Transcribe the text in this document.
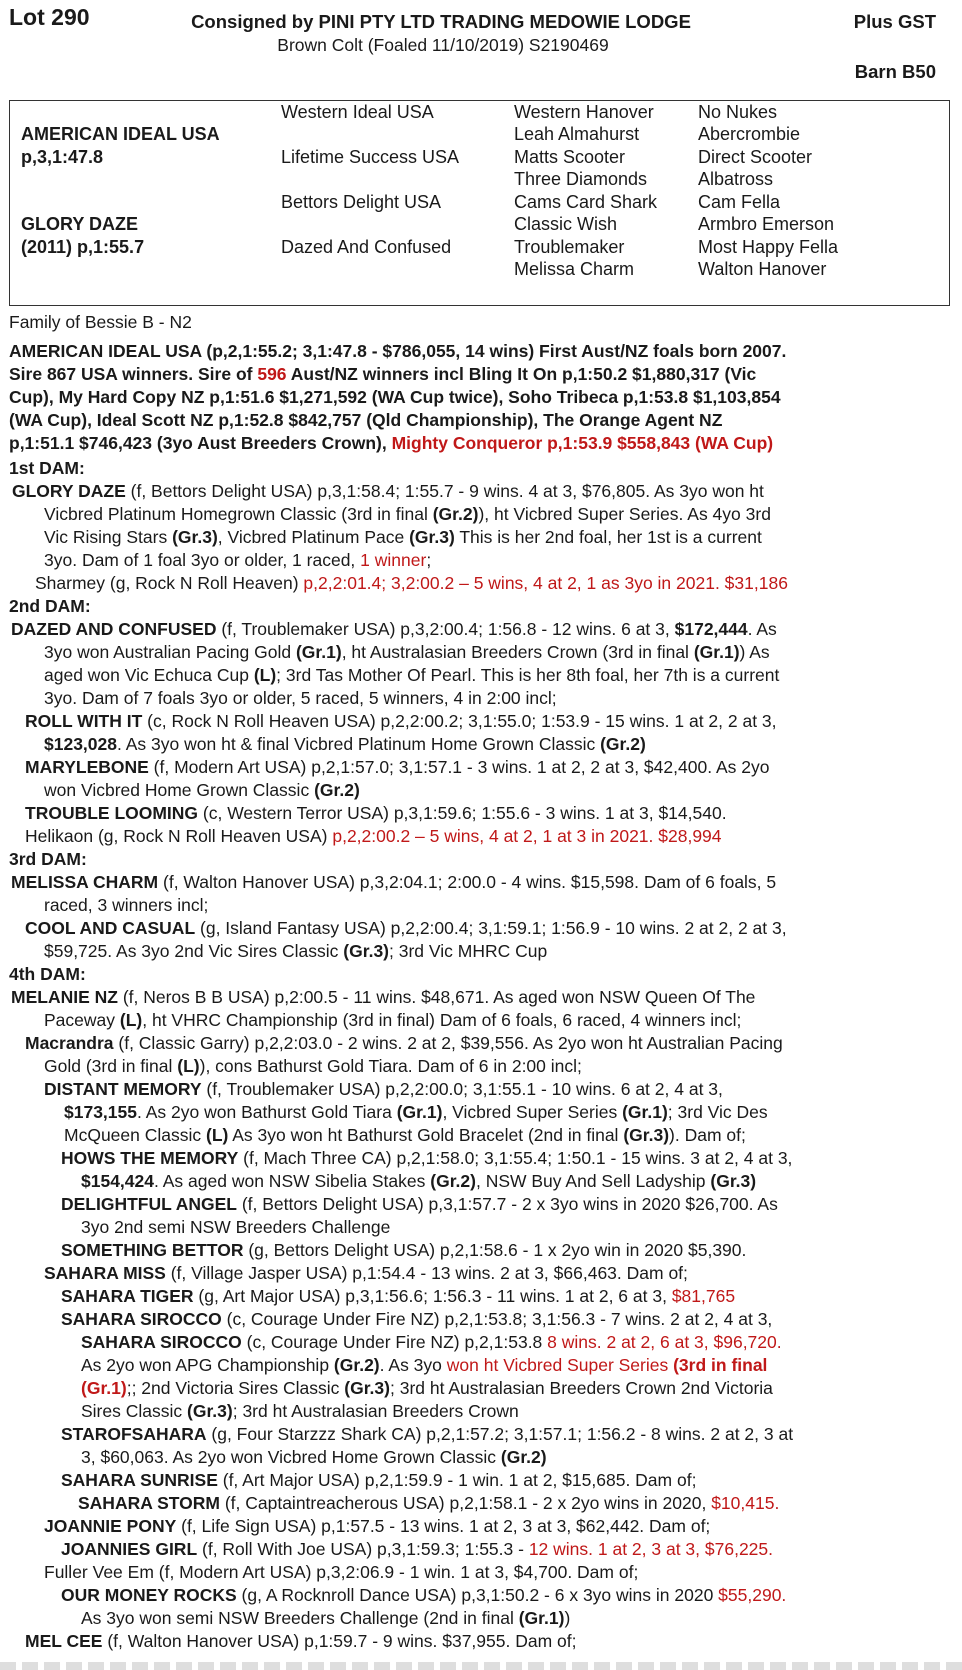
Lot 290	Consigned by PINI PTY LTD TRADING MEDOWIE LODGE	Plus GST
Brown Colt (Foaled 11/10/2019) S2190469
Barn B50
AMERICAN IDEAL USA
p,3,1:47.8
GLORY DAZE
(2011) p,1:55.7
Western Ideal USA
Lifetime Success USA
Bettors Delight USA
Dazed And Confused
Western Hanover
Leah Almahurst
Matts Scooter
Three Diamonds
Cams Card Shark
Classic Wish
Troublemaker
Melissa Charm
No Nukes
Abercrombie
Direct Scooter
Albatross
Cam Fella
Armbro Emerson
Most Happy Fella
Walton Hanover
Family of Bessie B - N2
AMERICAN IDEAL USA (p,2,1:55.2; 3,1:47.8 - $786,055, 14 wins) First Aust/NZ foals born 2007.
Sire 867 USA winners. Sire of 596 Aust/NZ winners incl Bling It On p,1:50.2 $1,880,317 (Vic
Cup), My Hard Copy NZ p,1:51.6 $1,271,592 (WA Cup twice), Soho Tribeca p,1:53.8 $1,103,854
(WA Cup), Ideal Scott NZ p,1:52.8 $842,757 (Qld Championship), The Orange Agent NZ
p,1:51.1 $746,423 (3yo Aust Breeders Crown), Mighty Conqueror p,1:53.9 $558,843 (WA Cup)
1st DAM:
GLORY DAZE (f, Bettors Delight USA) p,3,1:58.4; 1:55.7 - 9 wins. 4 at 3, $76,805. As 3yo won ht
Vicbred Platinum Homegrown Classic (3rd in final (Gr.2)), ht Vicbred Super Series. As 4yo 3rd
Vic Rising Stars (Gr.3), Vicbred Platinum Pace (Gr.3) This is her 2nd foal, her 1st is a current
3yo. Dam of 1 foal 3yo or older, 1 raced, 1 winner;
Sharmey (g, Rock N Roll Heaven) p,2,2:01.4; 3,2:00.2 – 5 wins, 4 at 2, 1 as 3yo in 2021. $31,186
2nd DAM:
DAZED AND CONFUSED (f, Troublemaker USA) p,3,2:00.4; 1:56.8 - 12 wins. 6 at 3, $172,444. As
3yo won Australian Pacing Gold (Gr.1), ht Australasian Breeders Crown (3rd in final (Gr.1)) As
aged won Vic Echuca Cup (L); 3rd Tas Mother Of Pearl. This is her 8th foal, her 7th is a current
3yo. Dam of 7 foals 3yo or older, 5 raced, 5 winners, 4 in 2:00 incl;
ROLL WITH IT (c, Rock N Roll Heaven USA) p,2,2:00.2; 3,1:55.0; 1:53.9 - 15 wins. 1 at 2, 2 at 3,
$123,028. As 3yo won ht & final Vicbred Platinum Home Grown Classic (Gr.2)
MARYLEBONE (f, Modern Art USA) p,2,1:57.0; 3,1:57.1 - 3 wins. 1 at 2, 2 at 3, $42,400. As 2yo
won Vicbred Home Grown Classic (Gr.2)
TROUBLE LOOMING (c, Western Terror USA) p,3,1:59.6; 1:55.6 - 3 wins. 1 at 3, $14,540.
Helikaon (g, Rock N Roll Heaven USA) p,2,2:00.2 – 5 wins, 4 at 2, 1 at 3 in 2021. $28,994
3rd DAM:
MELISSA CHARM (f, Walton Hanover USA) p,3,2:04.1; 2:00.0 - 4 wins. $15,598. Dam of 6 foals, 5
raced, 3 winners incl;
COOL AND CASUAL (g, Island Fantasy USA) p,2,2:00.4; 3,1:59.1; 1:56.9 - 10 wins. 2 at 2, 2 at 3,
$59,725. As 3yo 2nd Vic Sires Classic (Gr.3); 3rd Vic MHRC Cup
4th DAM:
MELANIE NZ (f, Neros B B USA) p,2:00.5 - 11 wins. $48,671. As aged won NSW Queen Of The
Paceway (L), ht VHRC Championship (3rd in final) Dam of 6 foals, 6 raced, 4 winners incl;
Macrandra (f, Classic Garry) p,2,2:03.0 - 2 wins. 2 at 2, $39,556. As 2yo won ht Australian Pacing
Gold (3rd in final (L)), cons Bathurst Gold Tiara. Dam of 6 in 2:00 incl;
DISTANT MEMORY (f, Troublemaker USA) p,2,2:00.0; 3,1:55.1 - 10 wins. 6 at 2, 4 at 3,
$173,155. As 2yo won Bathurst Gold Tiara (Gr.1), Vicbred Super Series (Gr.1); 3rd Vic Des
McQueen Classic (L) As 3yo won ht Bathurst Gold Bracelet (2nd in final (Gr.3)). Dam of;
HOWS THE MEMORY (f, Mach Three CA) p,2,1:58.0; 3,1:55.4; 1:50.1 - 15 wins. 3 at 2, 4 at 3,
$154,424. As aged won NSW Sibelia Stakes (Gr.2), NSW Buy And Sell Ladyship (Gr.3)
DELIGHTFUL ANGEL (f, Bettors Delight USA) p,3,1:57.7 - 2 x 3yo wins in 2020 $26,700. As
3yo 2nd semi NSW Breeders Challenge
SOMETHING BETTOR (g, Bettors Delight USA) p,2,1:58.6 - 1 x 2yo win in 2020 $5,390.
SAHARA MISS (f, Village Jasper USA) p,1:54.4 - 13 wins. 2 at 3, $66,463. Dam of;
SAHARA TIGER (g, Art Major USA) p,3,1:56.6; 1:56.3 - 11 wins. 1 at 2, 6 at 3, $81,765
SAHARA SIROCCO (c, Courage Under Fire NZ) p,2,1:53.8; 3,1:56.3 - 7 wins. 2 at 2, 4 at 3,
SAHARA SIROCCO (c, Courage Under Fire NZ) p,2,1:53.8 8 wins. 2 at 2, 6 at 3, $96,720.
As 2yo won APG Championship (Gr.2). As 3yo won ht Vicbred Super Series (3rd in final
(Gr.1);; 2nd Victoria Sires Classic (Gr.3); 3rd ht Australasian Breeders Crown 2nd Victoria
Sires Classic (Gr.3); 3rd ht Australasian Breeders Crown
STAROFSAHARA (g, Four Starzzz Shark CA) p,2,1:57.2; 3,1:57.1; 1:56.2 - 8 wins. 2 at 2, 3 at
3, $60,063. As 2yo won Vicbred Home Grown Classic (Gr.2)
SAHARA SUNRISE (f, Art Major USA) p,2,1:59.9 - 1 win. 1 at 2, $15,685. Dam of;
SAHARA STORM (f, Captaintreacherous USA) p,2,1:58.1 - 2 x 2yo wins in 2020, $10,415.
JOANNIE PONY (f, Life Sign USA) p,1:57.5 - 13 wins. 1 at 2, 3 at 3, $62,442. Dam of;
JOANNIES GIRL (f, Roll With Joe USA) p,3,1:59.3; 1:55.3 - 12 wins. 1 at 2, 3 at 3, $76,225.
Fuller Vee Em (f, Modern Art USA) p,3,2:06.9 - 1 win. 1 at 3, $4,700. Dam of;
OUR MONEY ROCKS (g, A Rocknroll Dance USA) p,3,1:50.2 - 6 x 3yo wins in 2020 $55,290.
As 3yo won semi NSW Breeders Challenge (2nd in final (Gr.1))
MEL CEE (f, Walton Hanover USA) p,1:59.7 - 9 wins. $37,955. Dam of;
